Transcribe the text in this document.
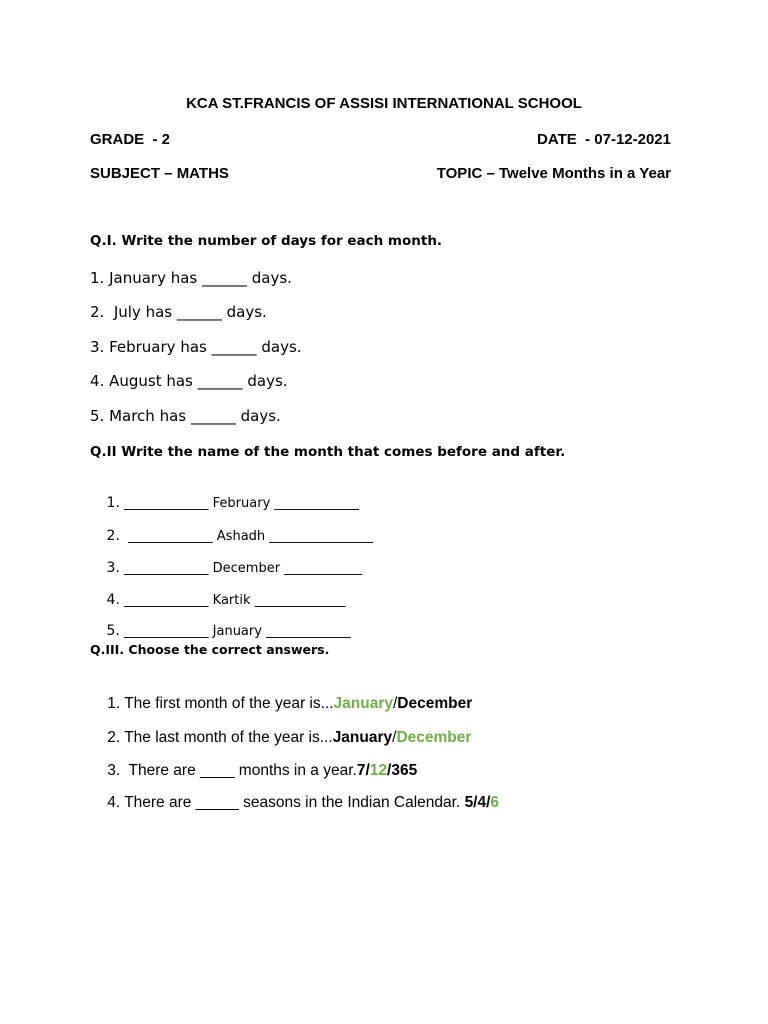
KCA ST.FRANCIS OF ASSISI INTERNATIONAL SCHOOL
GRADE  - 2	DATE  - 07-12-2021
SUBJECT – MATHS	TOPIC – Twelve Months in a Year
Q.I. Write the number of days for each month.
1. January has ______ days.
2.  July has ______ days.
3. February has ______ days.
4. August has ______ days.
5. March has ______ days.
Q.II Write the name of the month that comes before and after.

1. _____________ February _____________

2.  _____________ Ashadh ________________

3. _____________ December ____________

4. _____________ Kartik ______________

5. _____________ January _____________

Q.III. Choose the correct answers.

1. The first month of the year is...January/December

2. The last month of the year is...January/December

3.  There are ____ months in a year.7/12/365

4. There are _____ seasons in the Indian Calendar. 5/4/6
